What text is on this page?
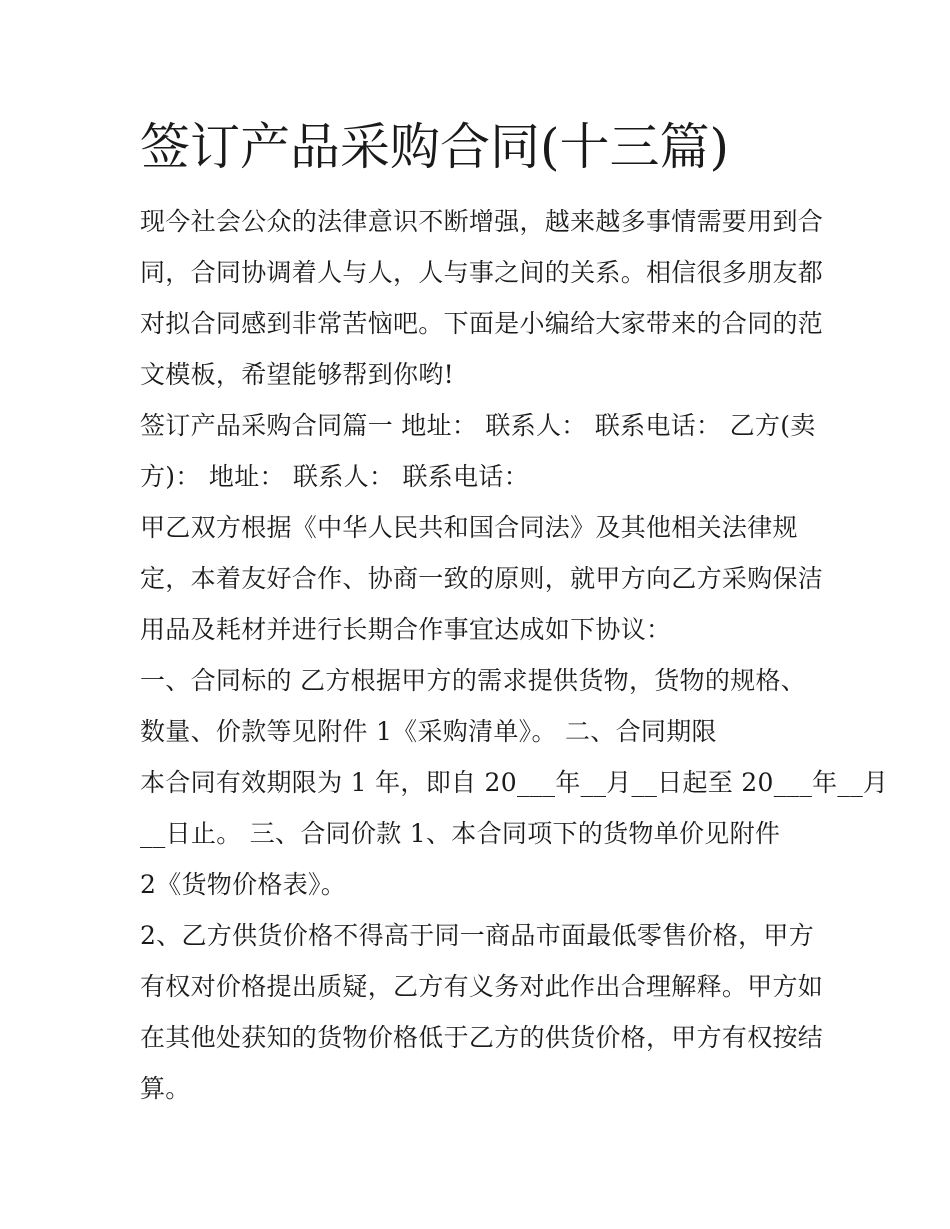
签订产品采购合同(十三篇)

现今社会公众的法律意识不断增强，越来越多事情需要用到合

同，合同协调着人与人，人与事之间的关系。相信很多朋友都

对拟合同感到非常苦恼吧。下面是小编给大家带来的合同的范

文模板，希望能够帮到你哟!

签订产品采购合同篇一 地址： 联系人： 联系电话： 乙方(卖

方)： 地址： 联系人： 联系电话：

甲乙双方根据《中华人民共和国合同法》及其他相关法律规

定，本着友好合作、协商一致的原则，就甲方向乙方采购保洁

用品及耗材并进行长期合作事宜达成如下协议：

一、合同标的 乙方根据甲方的需求提供货物，货物的规格、

数量、价款等见附件 1《采购清单》。 二、合同期限

本合同有效期限为 1 年，即自 20___年__月__日起至 20___年__月

__日止。 三、合同价款 1、本合同项下的货物单价见附件

2《货物价格表》。

2、乙方供货价格不得高于同一商品市面最低零售价格，甲方

有权对价格提出质疑，乙方有义务对此作出合理解释。甲方如

在其他处获知的货物价格低于乙方的供货价格，甲方有权按结

算。
